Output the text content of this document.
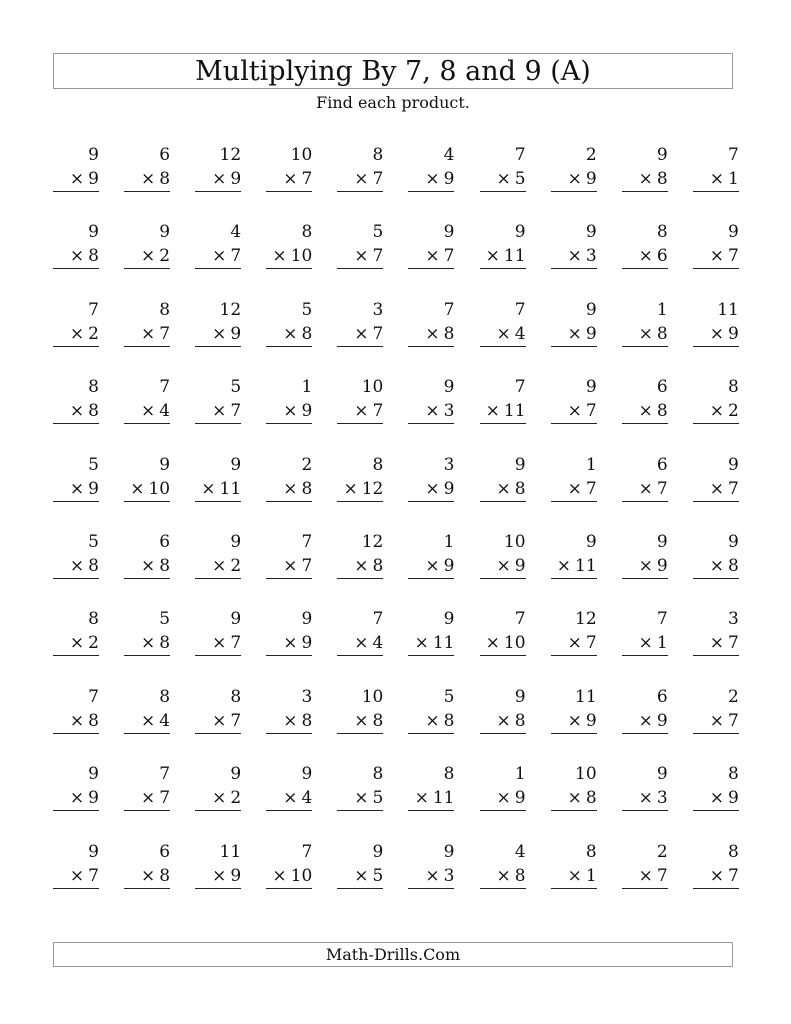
Multiplying By 7, 8 and 9 (A)
Find each product.
9
× 9
6
× 8
12
× 9
10
× 7
8
× 7
4
× 9
7
× 5
2
× 9
9
× 8
7
× 1
9
× 8
9
× 2
4
× 7
8
× 10
5
× 7
9
× 7
9
× 11
9
× 3
8
× 6
9
× 7
7
× 2
8
× 7
12
× 9
5
× 8
3
× 7
7
× 8
7
× 4
9
× 9
1
× 8
11
× 9
8
× 8
7
× 4
5
× 7
1
× 9
10
× 7
9
× 3
7
× 11
9
× 7
6
× 8
8
× 2
5
× 9
9
× 10
9
× 11
2
× 8
8
× 12
3
× 9
9
× 8
1
× 7
6
× 7
9
× 7
5
× 8
6
× 8
9
× 2
7
× 7
12
× 8
1
× 9
10
× 9
9
× 11
9
× 9
9
× 8
8
× 2
5
× 8
9
× 7
9
× 9
7
× 4
9
× 11
7
× 10
12
× 7
7
× 1
3
× 7
7
× 8
8
× 4
8
× 7
3
× 8
10
× 8
5
× 8
9
× 8
11
× 9
6
× 9
2
× 7
9
× 9
7
× 7
9
× 2
9
× 4
8
× 5
8
× 11
1
× 9
10
× 8
9
× 3
8
× 9
9
× 7
6
× 8
11
× 9
7
× 10
9
× 5
9
× 3
4
× 8
8
× 1
2
× 7
8
× 7
Math-Drills.Com
